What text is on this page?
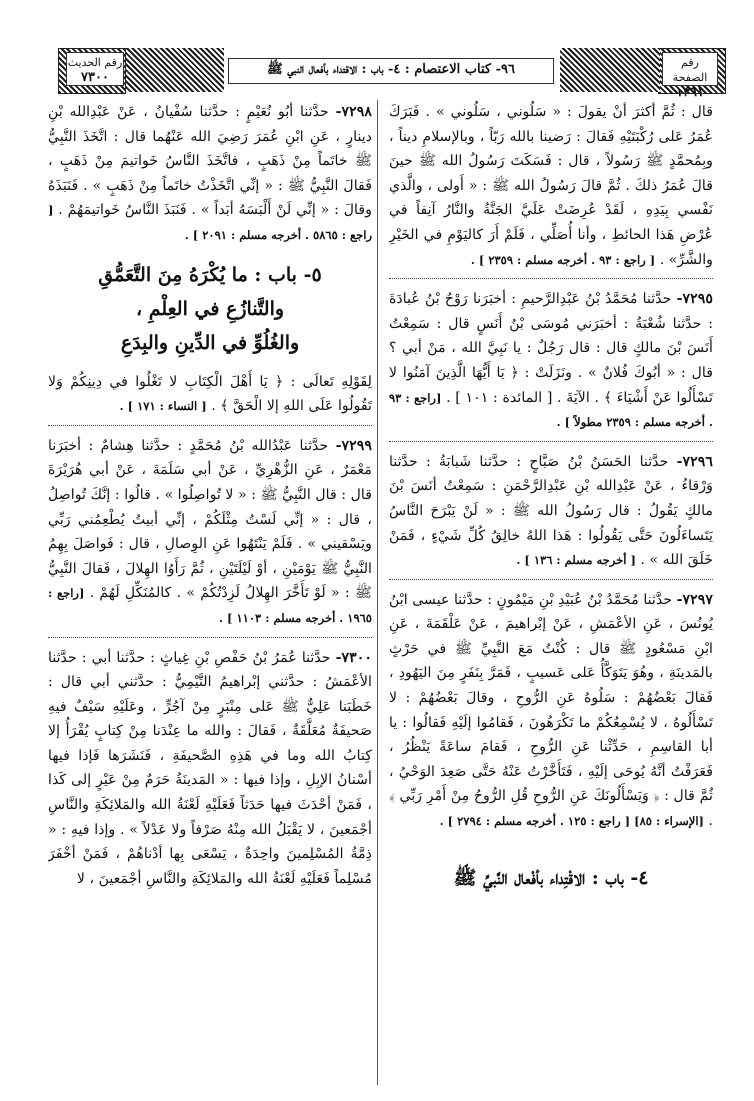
رقم الصفحة
١٣٩١
٩٦- كتاب الاعتصام : ٤- باب : الاقتداء بأفعال النبي ﷺ
رقم الحديث
٧٣٠٠

قال : ثُمَّ أكثرَ أنْ يقولَ : « سَلُوني ، سَلُوني » . فَبَرَكَ عُمَرُ عَلى رُكْبَتَيْهِ فَقالَ : رَضينا بالله رَبّاً ، وبالإسلامِ ديناً ، وبِمُحمَّدٍ ﷺ رَسُولاً ، قال : فَسَكَتَ رَسُولُ الله ﷺ حينَ قالَ عُمَرُ ذلكَ . ثُمَّ قالَ رَسُولُ الله ﷺ : « أَولى ، والَّذي نَفْسي بِيَدِهِ ، لَقَدْ عُرِضَتْ عَلَيَّ الجَنَّةُ والنَّارُ آنِفاً في عُرْضِ هَذا الحائطِ ، وأنا أُصَلِّي ، فَلَمْ أَرَ كاليَوْمِ في الخَيْرِ والشَّرِّ» . [ راجع : ٩٣ . أخرجه مسلم : ٢٣٥٩ ] .

٧٢٩٥- حدَّثنا مُحَمَّدُ بْنُ عَبْدِالرَّحيمِ : أخبَرَنا رَوْحُ بْنُ عُبادَةَ : حدَّثنا شُعْبَةُ : أخبَرَني مُوسَى بْنُ أَنَسٍ قال : سَمِعْتُ أَنَسَ بْنَ مالكٍ قال : قال رَجُلٌ : يا نَبِيَّ الله ، مَنْ أبي ؟ قال : « أبُوكَ فُلانٌ » . ونَزَلَتْ : ﴿ يَا أَيُّهَا الَّذِينَ آمَنُوا لا تَسْأَلُوا عَنْ أَشْيَاءَ ﴾ . الآيَةَ . [ المائدة : ١٠١ ] . [راجع : ٩٣ . أخرجه مسلم : ٢٣٥٩ مطولاً ] .

٧٢٩٦- حدَّثنا الحَسَنُ بْنُ صَبَّاحٍ : حدَّثنا شَبابَةُ : حدَّثنا وَرْقاءُ ، عَنْ عَبْدِالله بْنِ عَبْدِالرَّحْمَنِ : سَمِعْتُ أنَسَ بْنَ مالكٍ يَقُولُ : قال رَسُولُ الله ﷺ : « لَنْ يَبْرَحَ النَّاسُ يَتَساءَلُونَ حَتَّى يَقُولُوا : هَذا اللهُ خالِقُ كُلِّ شَيْءٍ ، فَمَنْ خَلَقَ الله » . [ أخرجه مسلم : ١٣٦ ] .

٧٢٩٧- حدَّثنا مُحَمَّدُ بْنُ عُبَيْدِ بْنِ مَيْمُونٍ : حدَّثنا عيسى ابْنُ يُونُسَ ، عَنِ الأعْمَشِ ، عَنْ إبْراهيمَ ، عَنْ عَلْقَمَةَ ، عَنِ ابْنِ مَسْعُودٍ ﷺ قال : كُنْتُ مَعَ النَّبِيِّ ﷺ في حَرْثٍ بالمَدينَةِ ، وهُوَ يَتَوَكَّأُ عَلى عَسيبٍ ، فَمَرَّ بِنَفَرٍ مِنَ اليَهُودِ ، فَقالَ بَعْضُهُمْ : سَلُوهُ عَنِ الرُّوحِ ، وقالَ بَعْضُهُمْ : لا تَسْأَلُوهُ ، لا يُسْمِعُكُمْ ما تَكْرَهُونَ ، فَقامُوا إلَيْهِ فَقالُوا : يا أبا القاسِمِ ، حَدِّثْنا عَنِ الرُّوحِ ، فَقامَ ساعَةً يَنْظُرُ ، فَعَرَفْتُ أنَّهُ يُوحَى إلَيْهِ ، فَتَأَخَّرْتُ عَنْهُ حَتَّى صَعِدَ الوَحْيُ ، ثُمَّ قال : ﴿ وَيَسْأَلُونَكَ عَنِ الرُّوحِ قُلِ الرُّوحُ مِنْ أَمْرِ رَبِّي ﴾ . [الإسراء : ٨٥] [ راجع : ١٢٥ . أخرجه مسلم : ٢٧٩٤ ] .

٤- باب : الاقْتِداء بأفْعال النَّبيِّ ﷺ

٧٢٩٨- حدَّثنا أبُو نُعَيْمٍ : حدَّثنا سُفْيانُ ، عَنْ عَبْدِالله بْنِ دينارٍ ، عَنِ ابْنِ عُمَرَ رَضِيَ الله عَنْهُما قال : اتَّخَذَ النَّبِيُّ ﷺ خاتَماً مِنْ ذَهَبٍ ، فاتَّخَذَ النَّاسُ خَواتيمَ مِنْ ذَهَبٍ ، فَقالَ النَّبِيُّ ﷺ : « إنِّي اتَّخَذْتُ خاتَماً مِنْ ذَهَبٍ » . فَنَبَذَهُ وقالَ : « إنِّي لَنْ أَلْبَسَهُ أبَداً » . فَنَبَذَ النَّاسُ خَواتيمَهُمْ . [ راجع : ٥٨٦٥ . أخرجه مسلم : ٢٠٩١ ] .

٥- باب : ما يُكْرَهُ مِنَ التَّعَمُّقِ
والتَّنازُعِ في العِلْمِ ،
والغُلُوِّ في الدِّينِ والبِدَعِ

لِقَوْلِهِ تَعالَى : ﴿ يَا أَهْلَ الْكِتَابِ لا تَغْلُوا في دِينِكُمْ وَلا تَقُولُوا عَلَى اللهِ إلا الْحَقَّ ﴾ . [ النساء : ١٧١ ] .

٧٢٩٩- حدَّثنا عَبْدُالله بْنُ مُحَمَّدٍ : حدَّثنا هِشامٌ : أخبَرَنا مَعْمَرٌ ، عَنِ الزُّهْرِيِّ ، عَنْ أبي سَلَمَةَ ، عَنْ أبي هُرَيْرَةَ قال : قال النَّبِيُّ ﷺ : « لا تُواصِلُوا » . قالُوا : إنَّكَ تُواصِلُ ، قال : « إنِّي لَسْتُ مِثْلَكُمْ ، إنِّي أبيتُ يُطْعِمُني رَبِّي ويَسْقيني » . فَلَمْ يَنْتَهُوا عَنِ الوِصالِ ، قال : فَواصَلَ بِهِمُ النَّبِيُّ ﷺ يَوْمَيْنِ ، أوْ لَيْلَتَيْنِ ، ثُمَّ رَأَوُا الهِلالَ ، فَقالَ النَّبِيُّ ﷺ : « لَوْ تَأَخَّرَ الهِلالُ لَزِدْتُكُمْ » . كالمُنَكِّلِ لَهُمْ . [راجع : ١٩٦٥ . أخرجه مسلم : ١١٠٣ ] .

٧٣٠٠- حدَّثنا عُمَرُ بْنُ حَفْصِ بْنِ غِياثٍ : حدَّثنا أبي : حدَّثنا الأعْمَشُ : حدَّثني إبْراهيمُ التَّيْمِيُّ : حدَّثني أبي قال : خَطَبَنا عَلِيٌّ ﷺ عَلى مِنْبَرٍ مِنْ آجُرٍّ ، وعَلَيْهِ سَيْفٌ فيهِ صَحيفَةٌ مُعَلَّقَةٌ ، فَقالَ : والله ما عِنْدَنا مِنْ كِتابٍ يُقْرَأُ إلا كِتابُ الله وما في هَذِهِ الصَّحيفَةِ ، فَنَشَرَها فَإذا فيها أسْنانُ الإبِلِ ، وإذا فيها : « المَدينَةُ حَرَمٌ مِنْ عَيْرٍ إلى كَذا ، فَمَنْ أحْدَثَ فيها حَدَثاً فَعَلَيْهِ لَعْنَةُ الله والمَلائِكَةِ والنَّاسِ أجْمَعينَ ، لا يَقْبَلُ الله مِنْهُ صَرْفاً ولا عَدْلاً » . وإذا فيهِ : « ذِمَّةُ المُسْلِمينَ واحِدَةٌ ، يَسْعَى بِها أدْناهُمْ ، فَمَنْ أخْفَرَ مُسْلِماً فَعَلَيْهِ لَعْنَةُ الله والمَلائِكَةِ والنَّاسِ أجْمَعينَ ، لا
